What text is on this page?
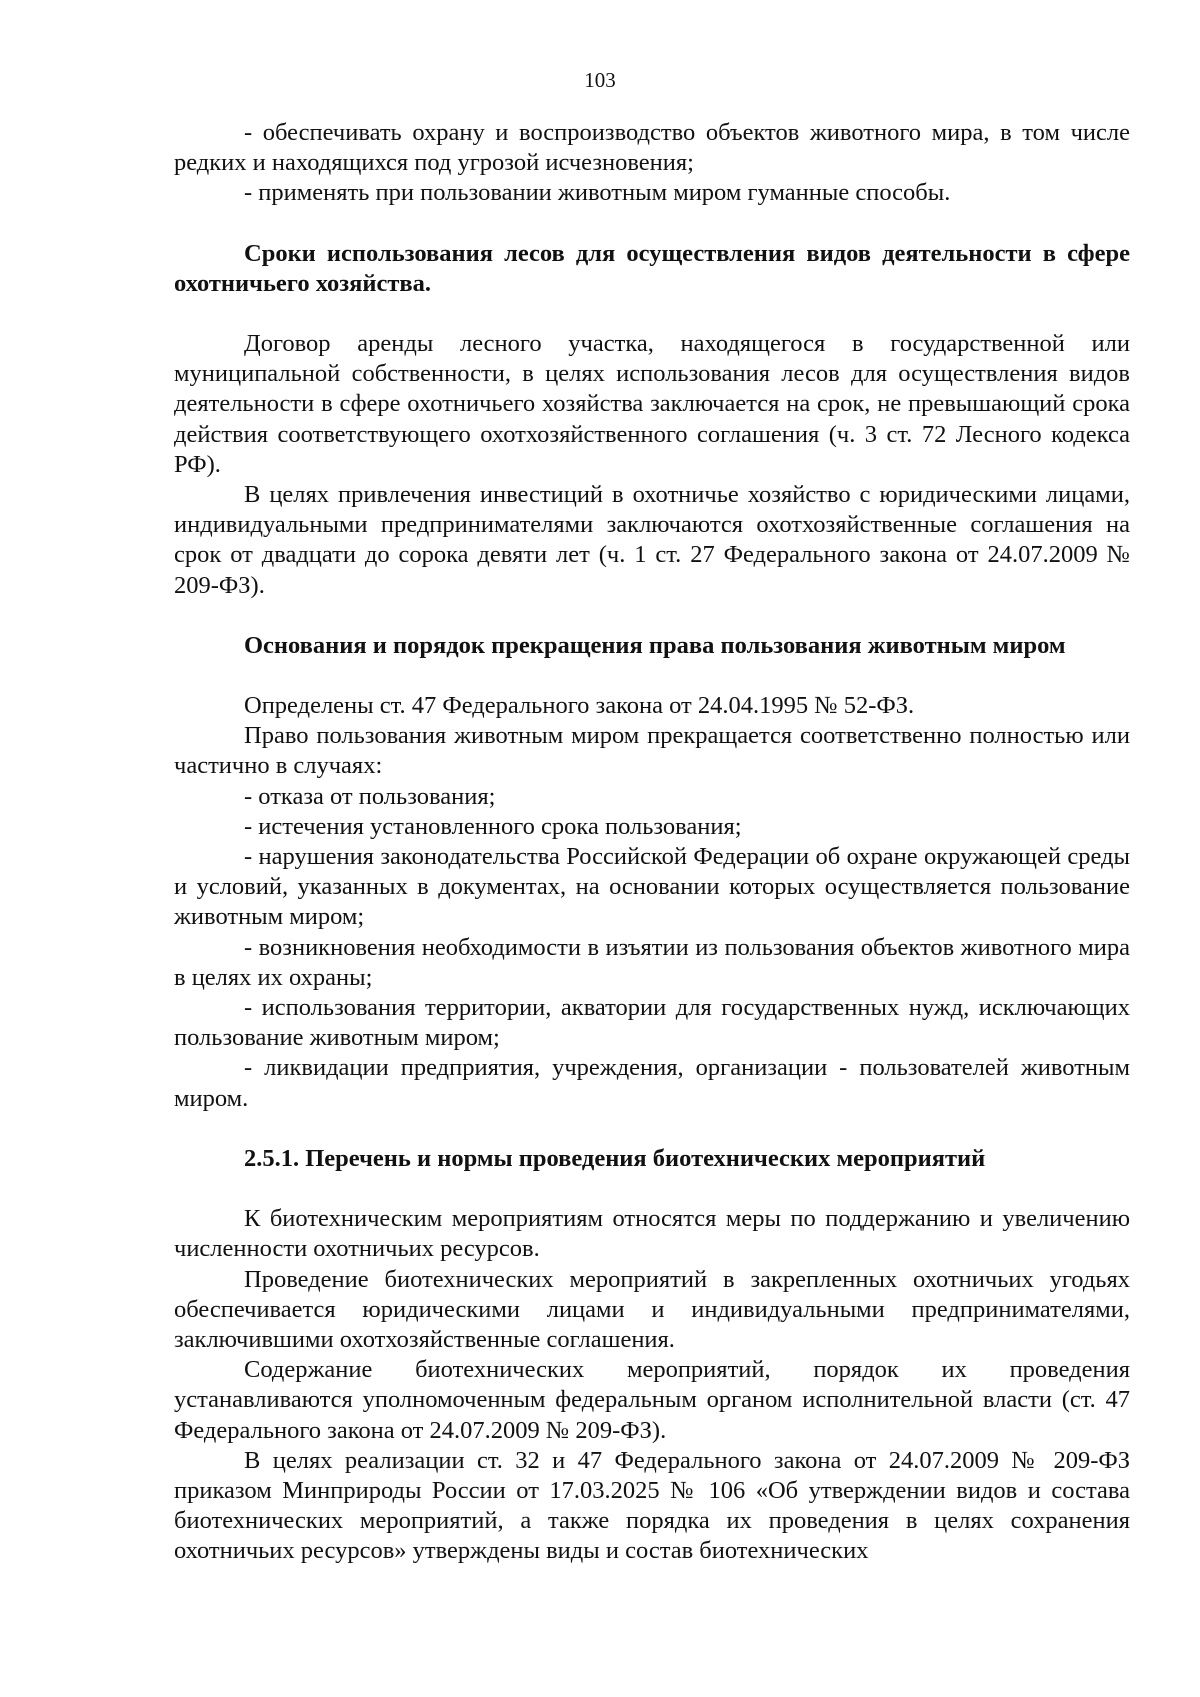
103

- обеспечивать охрану и воспроизводство объектов животного мира, в том числе редких и находящихся под угрозой исчезновения;

- применять при пользовании животным миром гуманные способы.

Сроки использования лесов для осуществления видов деятельности в сфере охотничьего хозяйства.

Договор аренды лесного участка, находящегося в государственной или муниципальной собственности, в целях использования лесов для осуществления видов деятельности в сфере охотничьего хозяйства заключается на срок, не превышающий срока действия соответствующего охотхозяйственного соглашения (ч. 3 ст. 72 Лесного кодекса РФ).

В целях привлечения инвестиций в охотничье хозяйство с юридическими лицами, индивидуальными предпринимателями заключаются охотхозяйственные соглашения на срок от двадцати до сорока девяти лет (ч. 1 ст. 27 Федерального закона от 24.07.2009 № 209-ФЗ).

Основания и порядок прекращения права пользования животным миром

Определены ст. 47 Федерального закона от 24.04.1995 № 52-ФЗ.

Право пользования животным миром прекращается соответственно полностью или частично в случаях:

- отказа от пользования;

- истечения установленного срока пользования;

- нарушения законодательства Российской Федерации об охране окружающей среды и условий, указанных в документах, на основании которых осуществляется пользование животным миром;

- возникновения необходимости в изъятии из пользования объектов животного мира в целях их охраны;

- использования территории, акватории для государственных нужд, исключающих пользование животным миром;

- ликвидации предприятия, учреждения, организации - пользователей животным миром.

2.5.1. Перечень и нормы проведения биотехнических мероприятий

К биотехническим мероприятиям относятся меры по поддержанию и увеличению численности охотничьих ресурсов.

Проведение биотехнических мероприятий в закрепленных охотничьих угодьях обеспечивается юридическими лицами и индивидуальными предпринимателями, заключившими охотхозяйственные соглашения.

Содержание биотехнических мероприятий, порядок их проведения устанавливаются уполномоченным федеральным органом исполнительной власти (ст. 47 Федерального закона от 24.07.2009 № 209-ФЗ).

В целях реализации ст. 32 и 47 Федерального закона от 24.07.2009 № 209-ФЗ приказом Минприроды России от 17.03.2025 № 106 «Об утверждении видов и состава биотехнических мероприятий, а также порядка их проведения в целях сохранения охотничьих ресурсов» утверждены виды и состав биотехнических
